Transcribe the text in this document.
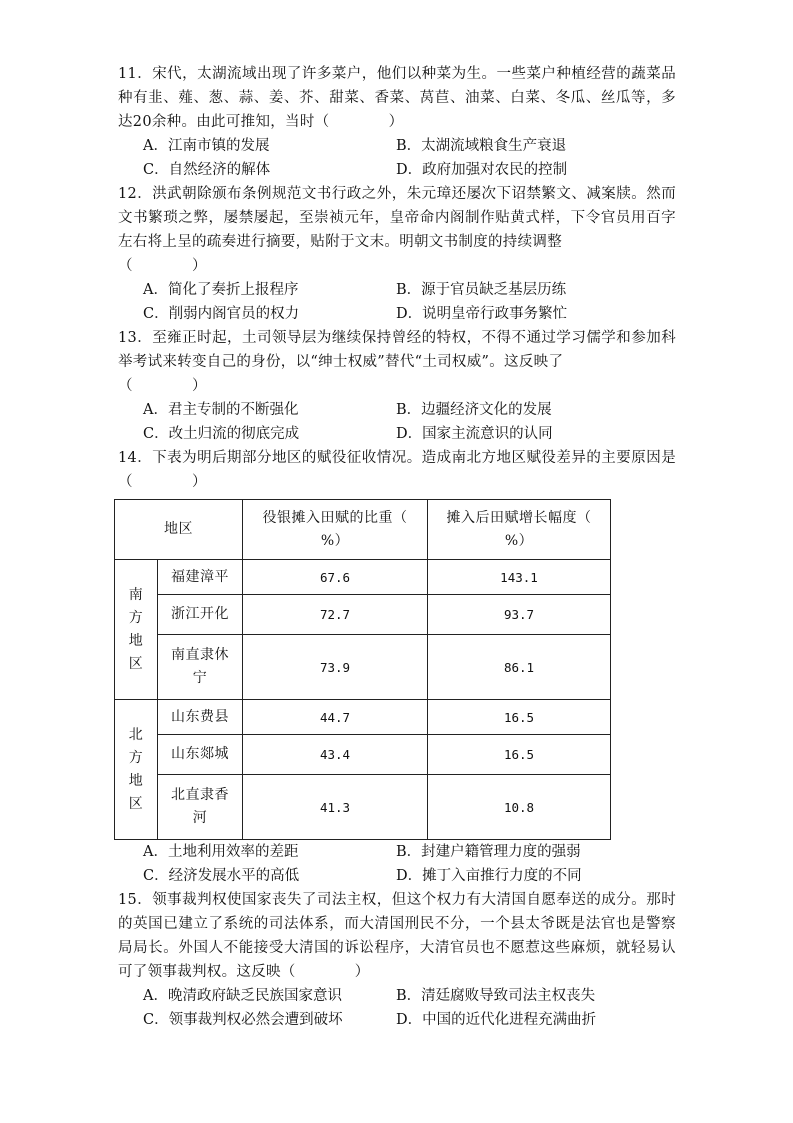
11．宋代，太湖流域出现了许多菜户，他们以种菜为生。一些菜户种植经营的蔬菜品种有韭、薤、葱、蒜、姜、芥、甜菜、香菜、莴苣、油菜、白菜、冬瓜、丝瓜等，多达20余种。由此可推知，当时（　　　　）
A．江南市镇的发展	B．太湖流域粮食生产衰退
C．自然经济的解体	D．政府加强对农民的控制
12．洪武朝除颁布条例规范文书行政之外，朱元璋还屡次下诏禁繁文、减案牍。然而文书繁琐之弊，屡禁屡起，至崇祯元年，皇帝命内阁制作贴黄式样，下令官员用百字左右将上呈的疏奏进行摘要，贴附于文末。明朝文书制度的持续调整
（　　　　）
A．简化了奏折上报程序	B．源于官员缺乏基层历练
C．削弱内阁官员的权力	D．说明皇帝行政事务繁忙
13．至雍正时起，土司领导层为继续保持曾经的特权，不得不通过学习儒学和参加科举考试来转变自己的身份，以“绅士权威”替代“土司权威”。这反映了
（　　　　）
A．君主专制的不断强化	B．边疆经济文化的发展
C．改土归流的彻底完成	D．国家主流意识的认同
14．下表为明后期部分地区的赋役征收情况。造成南北方地区赋役差异的主要原因是（　　　　）
地区		役银摊入田赋的比重（
%）	摊入后田赋增长幅度（
%）

南
方
地
区	福建漳平	67.6	143.1
	浙江开化	72.7	93.7
	南直隶休
宁	73.9	86.1

北
方
地
区	山东费县	44.7	16.5
	山东郯城	43.4	16.5
	北直隶香
河	41.3	10.8
A．土地利用效率的差距	B．封建户籍管理力度的强弱
C．经济发展水平的高低	D．摊丁入亩推行力度的不同
15．领事裁判权使国家丧失了司法主权，但这个权力有大清国自愿奉送的成分。那时的英国已建立了系统的司法体系，而大清国刑民不分，一个县太爷既是法官也是警察局局长。外国人不能接受大清国的诉讼程序，大清官员也不愿惹这些麻烦，就轻易认可了领事裁判权。这反映（　　　　）
A．晚清政府缺乏民族国家意识	B．清廷腐败导致司法主权丧失
C．领事裁判权必然会遭到破坏	D．中国的近代化进程充满曲折
